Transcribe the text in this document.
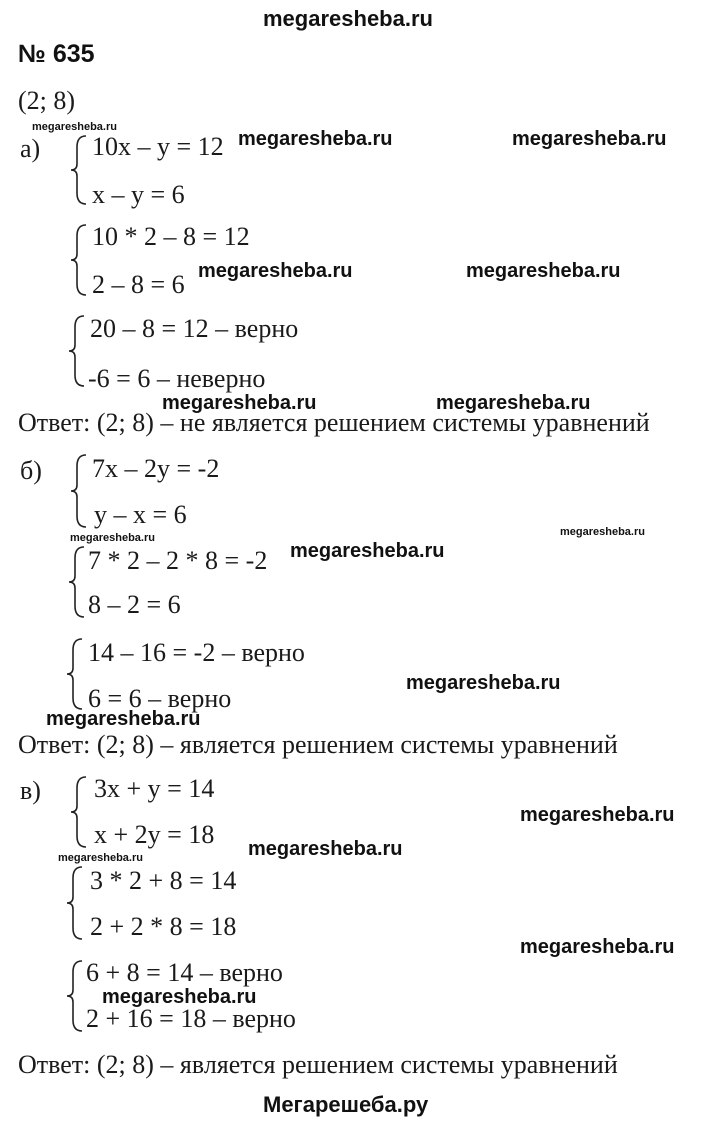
megaresheba.ru
№ 635
(2; 8)
а) 10x – y = 12
x – y = 6
10 * 2 – 8 = 12
2 – 8 = 6
20 – 8 = 12 – верно
-6 = 6 – неверно
Ответ: (2; 8) – не является решением системы уравнений
б) 7x – 2y = -2
y – x = 6
7 * 2 – 2 * 8 = -2
8 – 2 = 6
14 – 16 = -2 – верно
6 = 6 – верно
Ответ: (2; 8) – является решением системы уравнений
в) 3x + y = 14
x + 2y = 18
3 * 2 + 8 = 14
2 + 2 * 8 = 18
6 + 8 = 14 – верно
2 + 16 = 18 – верно
Ответ: (2; 8) – является решением системы уравнений
Мегарешеба.ру
megaresheba.ru
megaresheba.ru	megaresheba.ru
megaresheba.ru	megaresheba.ru
megaresheba.ru	megaresheba.ru
megaresheba.ru
megaresheba.ru
megaresheba.ru
megaresheba.ru
megaresheba.ru
megaresheba.ru
megaresheba.ru	megaresheba.ru
megaresheba.ru
megaresheba.ru
